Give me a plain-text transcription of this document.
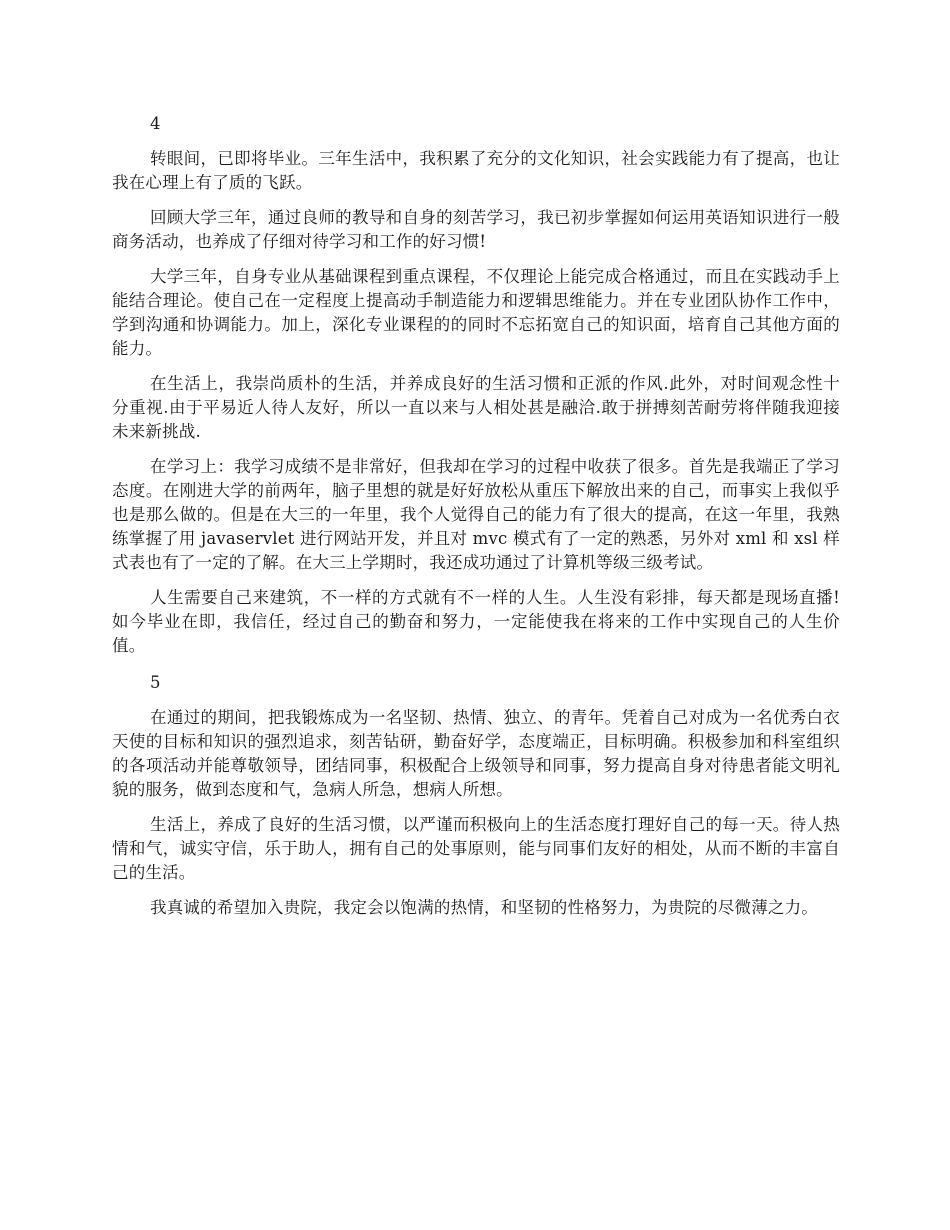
4

转眼间，已即将毕业。三年生活中，我积累了充分的文化知识，社会实践能力有了提高，也让我在心理上有了质的飞跃。

回顾大学三年，通过良师的教导和自身的刻苦学习，我已初步掌握如何运用英语知识进行一般商务活动，也养成了仔细对待学习和工作的好习惯!

大学三年，自身专业从基础课程到重点课程，不仅理论上能完成合格通过，而且在实践动手上能结合理论。使自己在一定程度上提高动手制造能力和逻辑思维能力。并在专业团队协作工作中，学到沟通和协调能力。加上，深化专业课程的的同时不忘拓宽自己的知识面，培育自己其他方面的能力。

在生活上，我崇尚质朴的生活，并养成良好的生活习惯和正派的作风.此外，对时间观念性十分重视.由于平易近人待人友好，所以一直以来与人相处甚是融洽.敢于拼搏刻苦耐劳将伴随我迎接未来新挑战.

在学习上：我学习成绩不是非常好，但我却在学习的过程中收获了很多。首先是我端正了学习态度。在刚进大学的前两年，脑子里想的就是好好放松从重压下解放出来的自己，而事实上我似乎也是那么做的。但是在大三的一年里，我个人觉得自己的能力有了很大的提高，在这一年里，我熟练掌握了用 javaservlet 进行网站开发，并且对 mvc 模式有了一定的熟悉，另外对 xml 和 xsl 样式表也有了一定的了解。在大三上学期时，我还成功通过了计算机等级三级考试。

人生需要自己来建筑，不一样的方式就有不一样的人生。人生没有彩排，每天都是现场直播!如今毕业在即，我信任，经过自己的勤奋和努力，一定能使我在将来的工作中实现自己的人生价值。

5

在通过的期间，把我锻炼成为一名坚韧、热情、独立、的青年。凭着自己对成为一名优秀白衣天使的目标和知识的强烈追求，刻苦钻研，勤奋好学，态度端正，目标明确。积极参加和科室组织的各项活动并能尊敬领导，团结同事，积极配合上级领导和同事，努力提高自身对待患者能文明礼貌的服务，做到态度和气，急病人所急，想病人所想。

生活上，养成了良好的生活习惯，以严谨而积极向上的生活态度打理好自己的每一天。待人热情和气，诚实守信，乐于助人，拥有自己的处事原则，能与同事们友好的相处，从而不断的丰富自己的生活。

我真诚的希望加入贵院，我定会以饱满的热情，和坚韧的性格努力，为贵院的尽微薄之力。
